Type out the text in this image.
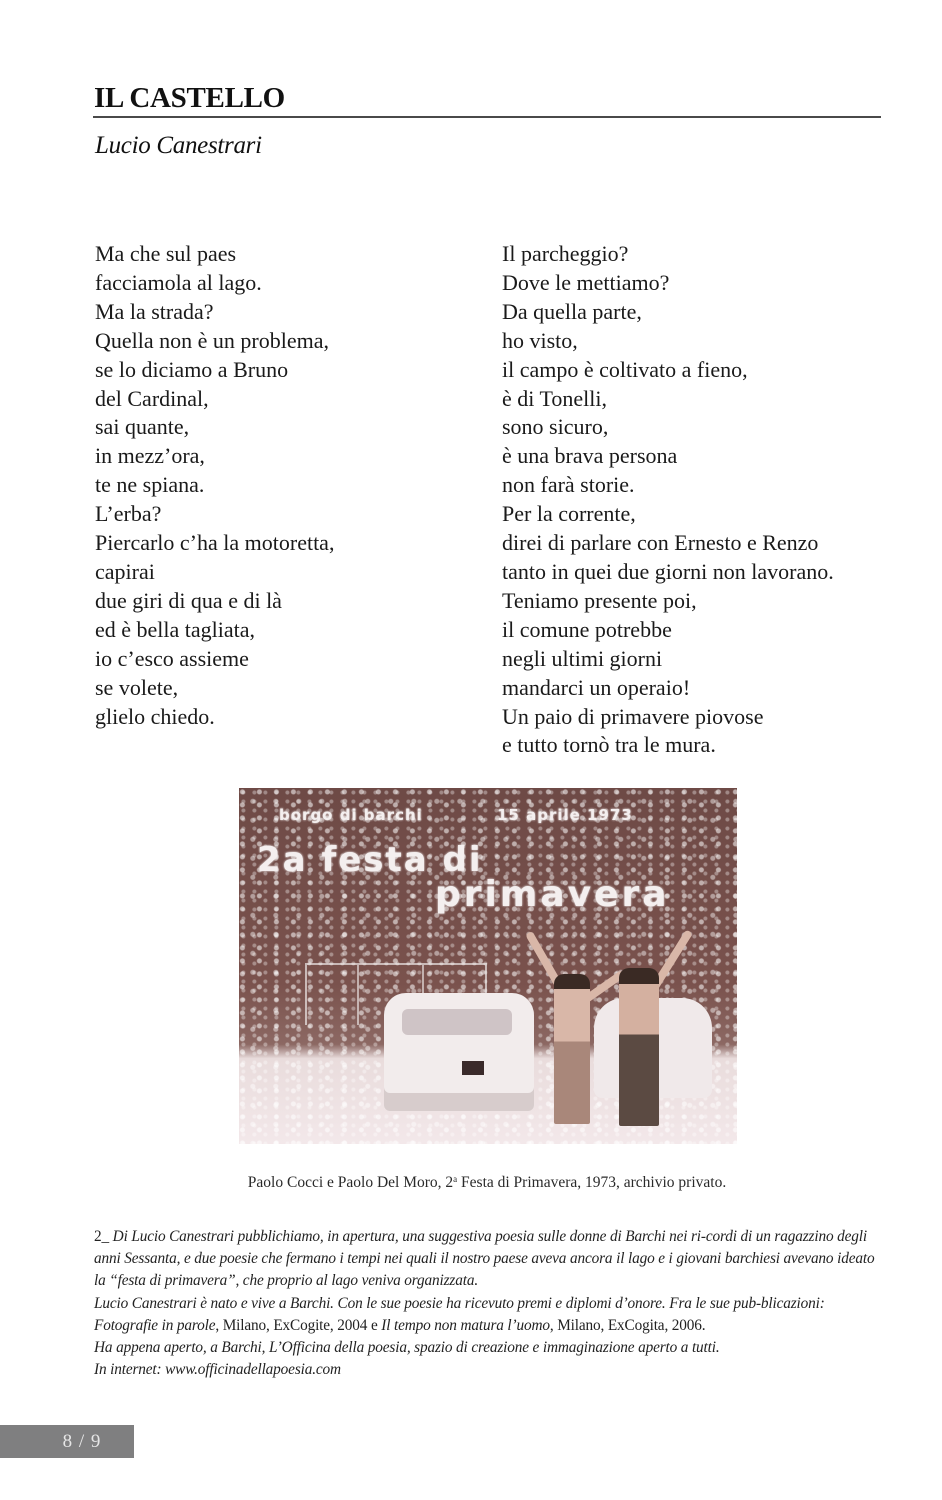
IL CASTELLO
Lucio Canestrari
Ma che sul paes
facciamola al lago.
Ma la strada?
Quella non è un problema,
se lo diciamo a Bruno
del Cardinal,
sai quante,
in mezz’ora,
te ne spiana.
L’erba?
Piercarlo c’ha la motoretta,
capirai
due giri di qua e di là
ed è bella tagliata,
io c’esco assieme
se volete,
glielo chiedo.
Il parcheggio?
Dove le mettiamo?
Da quella parte,
ho visto,
il campo è coltivato a fieno,
è di Tonelli,
sono sicuro,
è una brava persona
non farà storie.
Per la corrente,
direi di parlare con Ernesto e Renzo
tanto in quei due giorni non lavorano.
Teniamo presente poi,
il comune potrebbe
negli ultimi giorni
mandarci un operaio!
Un paio di primavere piovose
e tutto tornò tra le mura.
borgo di barchi	15 aprile 1973
2a festa di
primavera
Paolo Cocci e Paolo Del Moro, 2$^a$ Festa di Primavera, 1973, archivio privato.

2_ Di Lucio Canestrari pubblichiamo, in apertura, una suggestiva poesia sulle donne di Barchi nei ri-cordi di un ragazzino degli anni Sessanta, e due poesie che fermano i tempi nei quali il nostro paese aveva ancora il lago e i giovani barchiesi avevano ideato la “festa di primavera”, che proprio al lago veniva organizzata.

Lucio Canestrari è nato e vive a Barchi. Con le sue poesie ha ricevuto premi e diplomi d’onore. Fra le sue pub-blicazioni: Fotografie in parole, Milano, ExCogite, 2004 e Il tempo non matura l’uomo, Milano, ExCogita, 2006.

Ha appena aperto, a Barchi, L’Officina della poesia, spazio di creazione e immaginazione aperto a tutti.

In internet: www.officinadellapoesia.com

8 / 9
